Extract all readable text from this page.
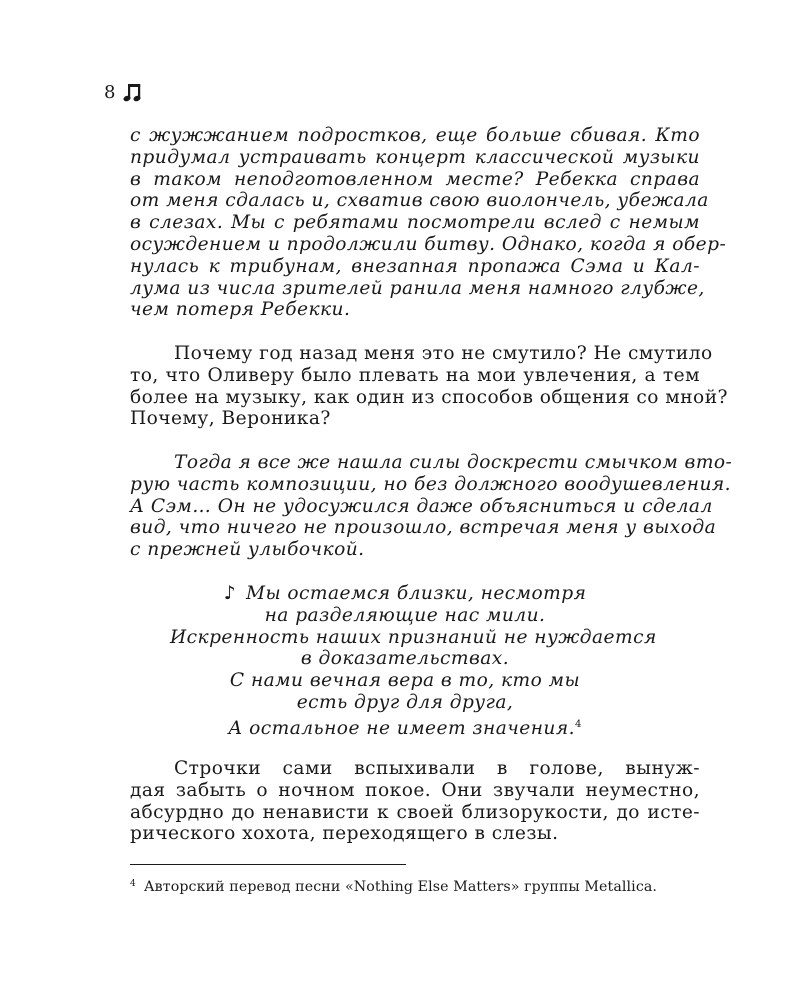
8
с жужжанием подростков, еще больше сбивая. Кто
придумал устраивать концерт классической музыки
в таком неподготовленном месте? Ребекка справа
от меня сдалась и, схватив свою виолончель, убежала
в слезах. Мы с ребятами посмотрели вслед с немым
осуждением и продолжили битву. Однако, когда я обер-
нулась к трибунам, внезапная пропажа Сэма и Кал-
лума из числа зрителей ранила меня намного глубже,
чем потеря Ребекки.
Почему год назад меня это не смутило? Не смутило
то, что Оливеру было плевать на мои увлечения, а тем
более на музыку, как один из способов общения со мной?
Почему, Вероника?
Тогда я все же нашла силы доскрести смычком вто-
рую часть композиции, но без должного воодушевления.
А Сэм… Он не удосужился даже объясниться и сделал
вид, что ничего не произошло, встречая меня у выхода
с прежней улыбочкой.
♪ Мы остаемся близки, несмотря
на разделяющие нас мили.
Искренность наших признаний не нуждается
в доказательствах.
С нами вечная вера в то, кто мы
есть друг для друга,
А остальное не имеет значения.$^4$
Строчки сами вспыхивали в голове, вынуж-
дая забыть о ночном покое. Они звучали неуместно,
абсурдно до ненависти к своей близорукости, до исте-
рического хохота, переходящего в слезы.
$^4$ Авторский перевод песни «Nothing Else Matters» группы Metallica.
